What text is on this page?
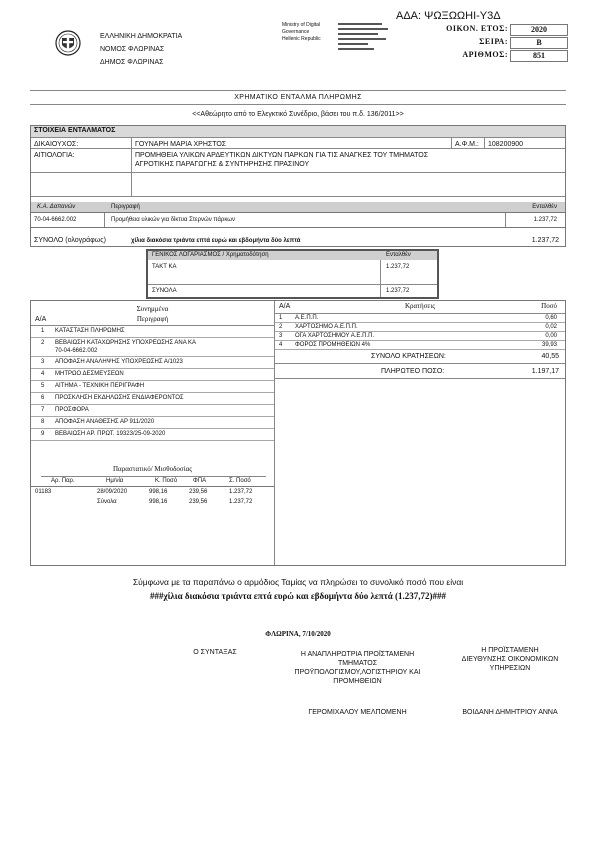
ΑΔΑ: ΨΩΞΩΩΗΙ-Υ3Δ
ΕΛΛΗΝΙΚΗ ΔΗΜΟΚΡΑΤΙΑ
ΝΟΜΟΣ ΦΛΩΡΙΝΑΣ
ΔΗΜΟΣ ΦΛΩΡΙΝΑΣ
Ministry of Digital
Governance
Hellenic Republic
ΟΙΚΟΝ. ΕΤΟΣ:	2020
ΣΕΙΡΑ:	Β
ΑΡΙΘΜΟΣ:	851
ΧΡΗΜΑΤΙΚΟ ΕΝΤΑΛΜΑ ΠΛΗΡΩΜΗΣ
<<Αθεώρητο από το Ελεγκτικό Συνέδριο, βάσει του π.δ. 136/2011>>
ΣΤΟΙΧΕΙΑ ΕΝΤΑΛΜΑΤΟΣ
ΔΙΚΑΙΟΥΧΟΣ:	ΓΟΥΝΑΡΗ ΜΑΡΙΑ ΧΡΗΣΤΟΣ	Α.Φ.Μ.: 108200900
ΑΙΤΙΟΛΟΓΙΑ:	ΠΡΟΜΗΘΕΙΑ ΥΛΙΚΩΝ ΑΡΔΕΥΤΙΚΩΝ ΔΙΚΤΥΩΝ ΠΑΡΚΩΝ ΓΙΑ ΤΙΣ ΑΝΑΓΚΕΣ ΤΟΥ ΤΜΗΜΑΤΟΣ
ΑΓΡΟΤΙΚΗΣ ΠΑΡΑΓΩΓΗΣ & ΣΥΝΤΗΡΗΣΗΣ ΠΡΑΣΙΝΟΥ
Κ.Α. Δαπανών	Περιγραφή	Ενταλθέν
70-04-6662.002	Προμήθεια υλικών για δίκτυα Στερνών πάρκων	1.237,72
ΣΥΝΟΛΟ (ολογράφως)	χίλια διακόσια τριάντα επτά ευρώ και εβδομήντα δύο λεπτά	1.237,72
ΓΕΝΙΚΟΣ ΛΟΓΑΡΙΑΣΜΟΣ / Χρηματοδότηση	Ενταλθέν
ΤΑΚΤ ΚΑ	1.237,72
ΣΥΝΟΛΑ	1.237,72
Συνημμένα
Α/Α	Περιγραφή
1 ΚΑΤΑΣΤΑΣΗ ΠΛΗΡΩΜΗΣ
2 ΒΕΒΑΙΩΣΗ ΚΑΤΑΧΩΡΗΣΗΣ ΥΠΟΧΡΕΩΣΗΣ ΑΝΑ ΚΑ
70-04-6662.002
3 ΑΠΟΦΑΣΗ ΑΝΑΛΗΨΗΣ ΥΠΟΧΡΕΩΣΗΣ Α/1023
4 ΜΗΤΡΩΟ ΔΕΣΜΕΥΣΕΩΝ
5 ΑΙΤΗΜΑ - ΤΕΧΝΙΚΗ ΠΕΡΙΓΡΑΦΗ
6 ΠΡΟΣΚΛΗΣΗ ΕΚΔΗΛΩΣΗΣ ΕΝΔΙΑΦΕΡΟΝΤΟΣ
7 ΠΡΟΣΦΟΡΑ
8 ΑΠΟΦΑΣΗ ΑΝΑΘΕΣΗΣ ΑΡ 911/2020
9 ΒΕΒΑΙΩΣΗ ΑΡ. ΠΡΩΤ. 19323/25-09-2020
Παραστατικό/ Μισθοδοσίας
Αρ. Παρ.	Ημ/νία	Κ. Ποσό	ΦΠΑ	Σ. Ποσό
01183	28/09/2020	998,16	239,56	1.237,72
Σύνολα	998,16	239,56	1.237,72
Α/Α	Κρατήσεις	Ποσό
1 Α.Ε.Π.Π.	0,60
2 ΧΑΡΤΟΣΗΜΟ Α.Ε.Π.Π.	0,02
3 ΟΓΑ ΧΑΡΤΟΣΗΜΟΥ Α.Ε.Π.Π.	0,00
4 ΦΟΡΟΣ ΠΡΟΜΗΘΕΙΩΝ 4%	39,93
ΣΥΝΟΛΟ ΚΡΑΤΗΣΕΩΝ:	40,55
ΠΛΗΡΩΤΕΟ ΠΟΣΟ:	1.197,17
Σύμφωνα με τα παραπάνω ο αρμόδιος Ταμίας να πληρώσει το συνολικό ποσό που είναι
###χίλια διακόσια τριάντα επτά ευρώ και εβδομήντα δύο λεπτά (1.237,72)###
ΦΛΩΡΙΝΑ, 7/10/2020
Ο ΣΥΝΤΑΞΑΣ	Η ΑΝΑΠΛΗΡΩΤΡΙΑ ΠΡΟΪΣΤΑΜΕΝΗ
ΤΜΗΜΑΤΟΣ
ΠΡΟΫΠΟΛΟΓΙΣΜΟΥ,ΛΟΓΙΣΤΗΡΙΟΥ ΚΑΙ
ΠΡΟΜΗΘΕΙΩΝ
ΓΕΡΟΜΙΧΑΛΟΥ ΜΕΛΠΟΜΕΝΗ
Η ΠΡΟΪΣΤΑΜΕΝΗ
ΔΙΕΥΘΥΝΣΗΣ ΟΙΚΟΝΟΜΙΚΩΝ
ΥΠΗΡΕΣΙΩΝ
ΒΟΙΔΑΝΗ ΔΗΜΗΤΡΙΟΥ ΑΝΝΑ
